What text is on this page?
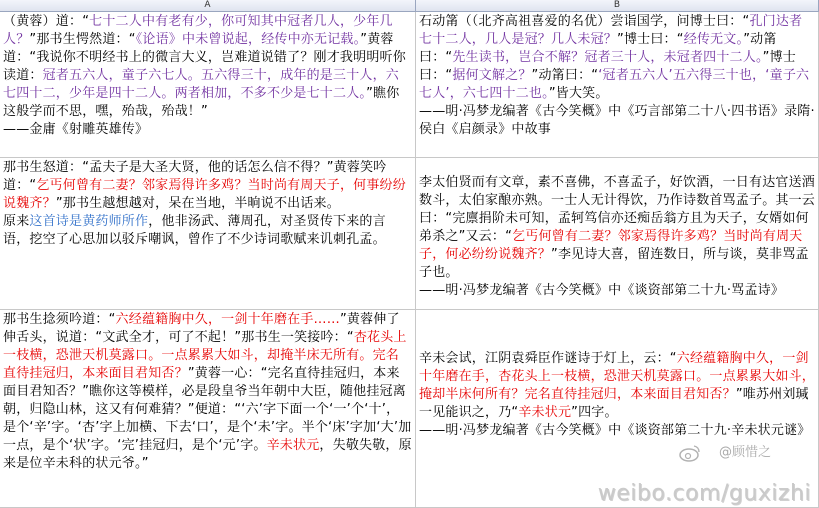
A	B
（黄蓉）道：“七十二人中有老有少，你可知其中冠者几人，少年几人？”那书生愕然道：“《论语》中未曾说起，经传中亦无记载。”黄蓉道：“我说你不明经书上的微言大义，岂难道说错了？刚才我明明听你读道：冠者五六人，童子六七人。五六得三十，成年的是三十人，六七四十二，少年是四十二人。两者相加，不多不少是七十二人。”瞧你这般学而不思，嘿，殆哉，殆哉！”
——金庸《射雕英雄传》
石动筩（（北齐高祖喜爱的名优）尝诣国学，问博士曰：“孔门达者七十二人，几人是冠？几人未冠？”博士曰：“经传无文。”动筩曰：“先生读书，岂合不解？冠者三十人，未冠者四十二人。”博士曰：“据何文解之？”动筩曰：“‘冠者五六人’五六得三十也，‘童子六七人’，六七四十二也。”皆大笑。
——明·冯梦龙编著《古今笑概》中《巧言部第二十八·四书语》录隋·侯白《启颜录》中故事
那书生怒道：“孟夫子是大圣大贤，他的话怎么信不得？”黄蓉笑吟道：“乞丐何曾有二妻？邻家焉得许多鸡？当时尚有周天子，何事纷纷说魏齐？”那书生越想越对，呆在当地，半晌说不出话来。
原来这首诗是黄药师所作，他非汤武、薄周孔，对圣贤传下来的言语，挖空了心思加以驳斥嘲讽，曾作了不少诗词歌赋来讥刺孔孟。
李太伯贤而有文章，素不喜佛，不喜孟子，好饮酒，一日有达官送酒数斗，太伯家酿亦熟。一士人无计得饮，乃作诗数首骂孟子。其一云曰：“完廪捐阶未可知，孟轲笃信亦还痴岳翁方且为天子，女婿如何弟杀之”又云：“乞丐何曾有二妻？邻家焉得许多鸡？当时尚有周天子，何必纷纷说魏齐？”李见诗大喜，留连数日，所与谈，莫非骂孟子也。
——明·冯梦龙编著《古今笑概》中《谈资部第二十九·骂孟诗》
那书生捻须吟道：“六经蕴籍胸中久，一剑十年磨在手……”黄蓉伸了伸舌头，说道：“文武全才，可了不起！”那书生一笑接吟：“杏花头上一枝横，恐泄天机莫露口。一点累累大如斗，却掩半床无所有。完名直待挂冠归，本来面目君知否？”黄蓉一心：“完名直待挂冠归，本来面目君知否？”瞧你这等模样，必是段皇爷当年朝中大臣，随他挂冠离朝，归隐山林，这又有何难猜？”便道：“‘六’字下面一个‘一’个‘十’，是个‘辛’字。‘杏’字上加横、下去‘口’，是个‘未’字。半个‘床’字加‘大’加一点，是个‘状’字。‘完’挂冠归，是个‘元’字。辛未状元，失敬失敬，原来是位辛未科的状元爷。”
辛未会试，江阴袁舜臣作谜诗于灯上，云：“六经蕴籍胸中久，一剑十年磨在手，杏花头上一枝横，恐泄天机莫露口。一点累累大如斗，掩却半床何所有？完名直待挂冠归，本来面目君知否？”唯苏州刘瑊一见能识之，乃“辛未状元”四字。
——明·冯梦龙编著《古今笑概》中《谈资部第二十九·辛未状元谜》
@顾惜之
weibo.com/guxizhi
